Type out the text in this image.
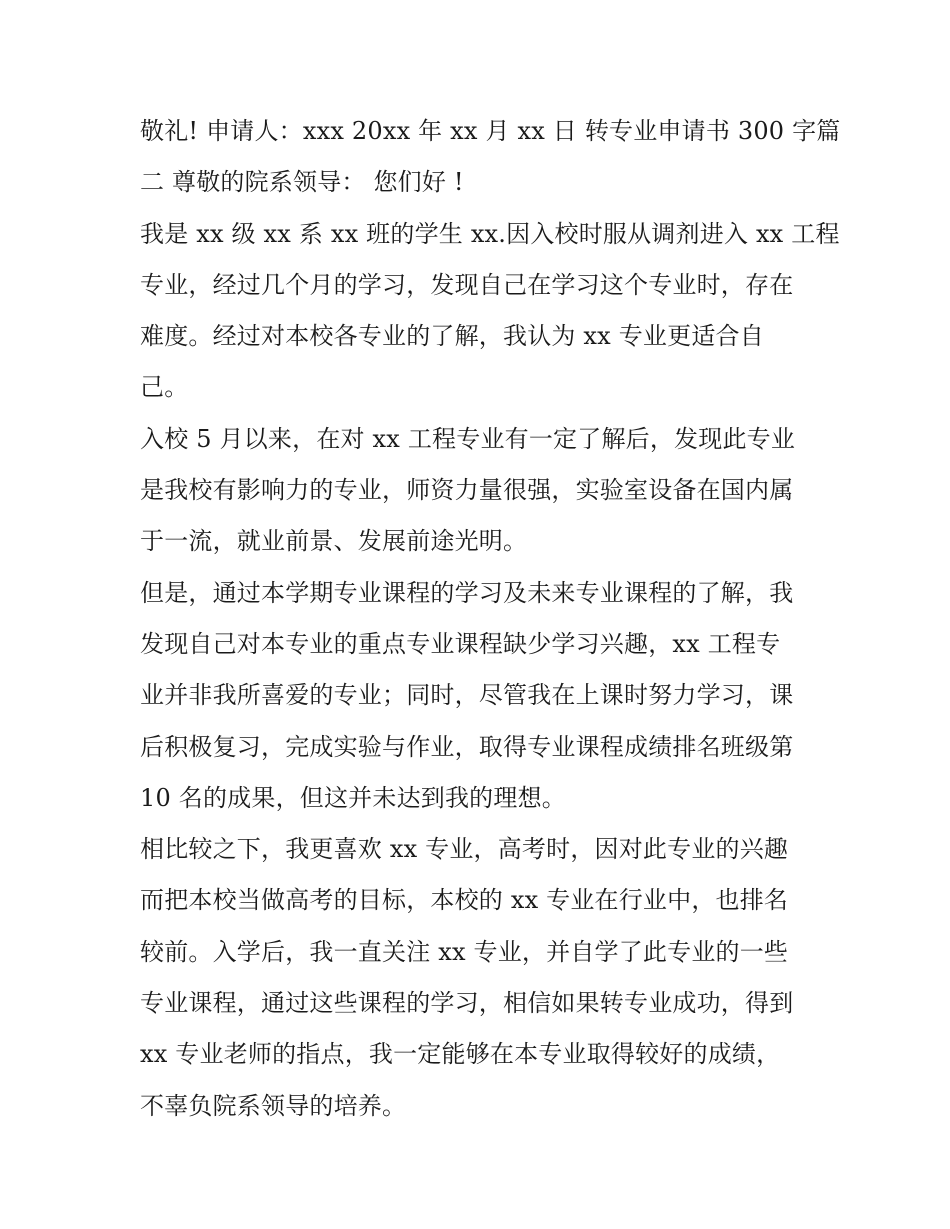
敬礼! 申请人：xxx 20xx 年 xx 月 xx 日 转专业申请书 300 字篇
二 尊敬的院系领导： 您们好 !
我是 xx 级 xx 系 xx 班的学生 xx.因入校时服从调剂进入 xx 工程
专业，经过几个月的学习，发现自己在学习这个专业时，存在
难度。经过对本校各专业的了解，我认为 xx 专业更适合自
己。
入校 5 月以来，在对 xx 工程专业有一定了解后，发现此专业
是我校有影响力的专业，师资力量很强，实验室设备在国内属
于一流，就业前景、发展前途光明。
但是，通过本学期专业课程的学习及未来专业课程的了解，我
发现自己对本专业的重点专业课程缺少学习兴趣，xx 工程专
业并非我所喜爱的专业；同时，尽管我在上课时努力学习，课
后积极复习，完成实验与作业，取得专业课程成绩排名班级第
10 名的成果，但这并未达到我的理想。
相比较之下，我更喜欢 xx 专业，高考时，因对此专业的兴趣
而把本校当做高考的目标，本校的 xx 专业在行业中，也排名
较前。入学后，我一直关注 xx 专业，并自学了此专业的一些
专业课程，通过这些课程的学习，相信如果转专业成功，得到
xx 专业老师的指点，我一定能够在本专业取得较好的成绩，
不辜负院系领导的培养。
